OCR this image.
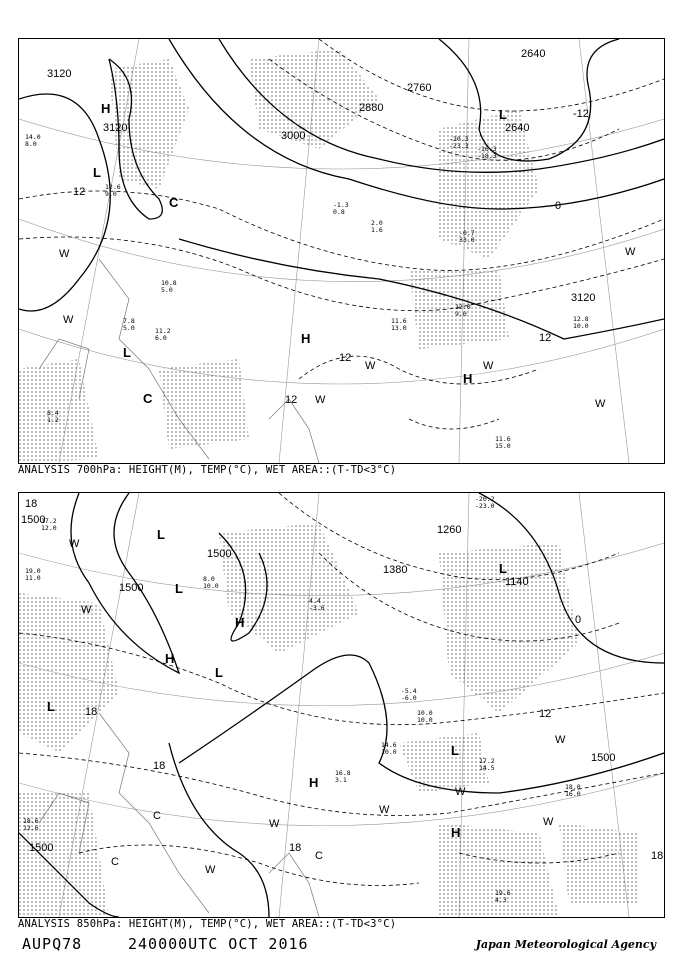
3120
3120
3000
2880
2760
2640
2640
3120
12
-12
0
12
12
12
H	L
L
H
H
L
C
C
W
W
W
W
W
W
W
14.0
8.0
12.6
9.0
10.8
5.0
7.8
5.0	11.2
6.0
-1.3
0.8
2.0
1.6
11.6
13.0
12.0
9.0
-20.3
-23.3 -16.3
-18.3
-0.7
33.0
12.8
10.0
11.6
15.0
8.4
1.2
ANALYSIS 700hPa: HEIGHT(M), TEMP(°C), WET AREA::(T-TD<3°C)
1500
1500
1500
1380
1260
1140
1500
1500
18
0
12
18
18
18
18
L
L
H
H
L
H
L
L
L
H
C
C	C
W
W
W
W
W
W
W
W
17.2
12.0
19.0
11.0
18.6
12.6
8.0
10.0
4.4
-3.6
-5.4
-6.0
10.0
10.0
17.2
14.5
18.0
16.0
19.6
4.3
14.6
10.0
-20.2
-23.0
16.8
3.1
ANALYSIS 850hPa: HEIGHT(M), TEMP(°C), WET AREA::(T-TD<3°C)
AUPQ78	240000UTC OCT 2016	Japan Meteorological Agency
